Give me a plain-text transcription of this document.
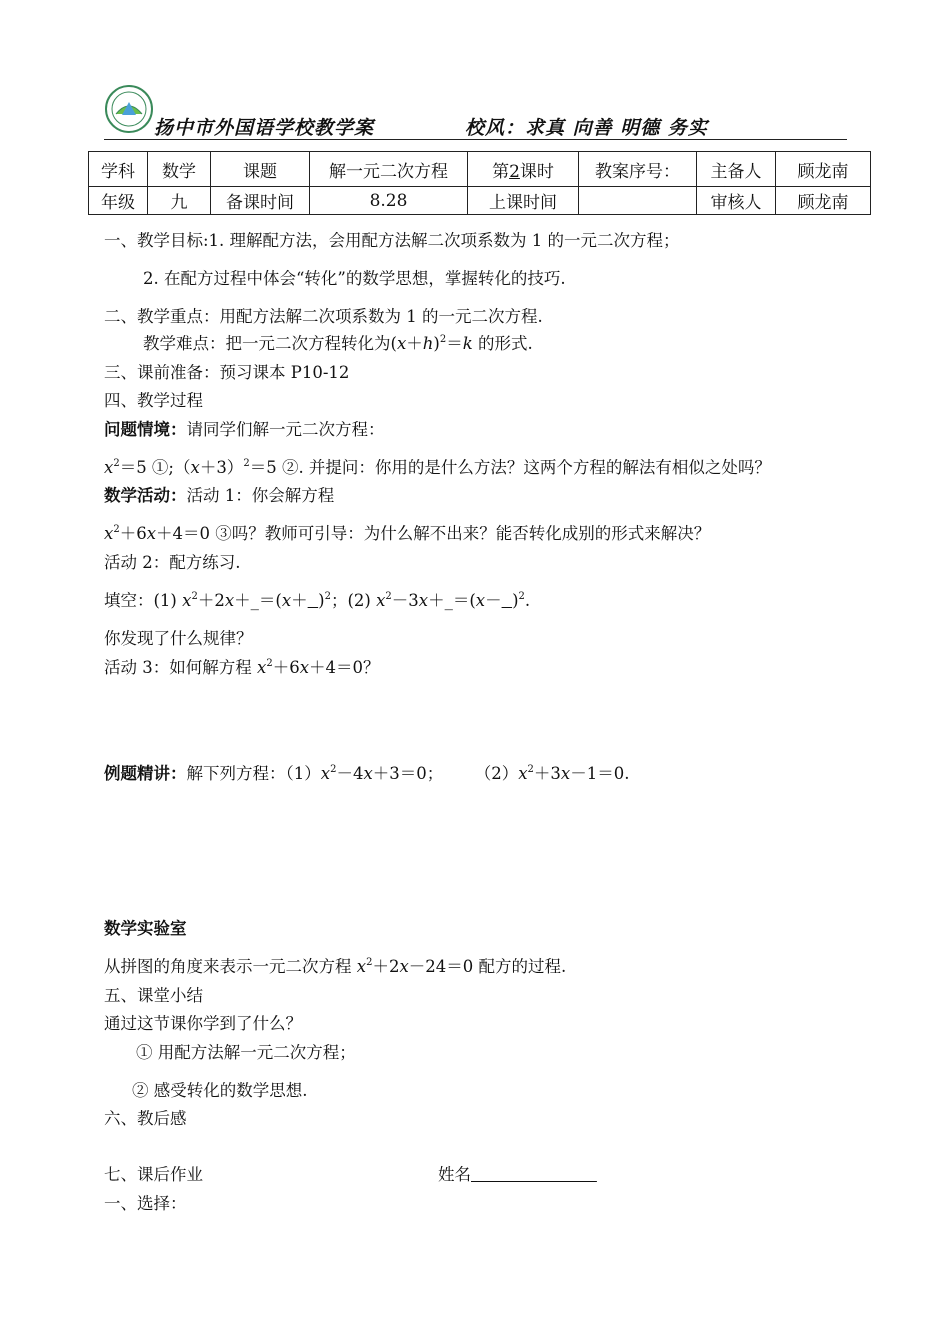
扬中市外国语学校教学案	校风：求真 向善 明德 务实
学科	数学	课题	解一元二次方程	第2课时	教案序号：	主备人	顾龙南
年级	九	备课时间	8.28	上课时间		审核人	顾龙南
一、教学目标:1. 理解配方法，会用配方法解二次项系数为 1 的一元二次方程；
2. 在配方过程中体会“转化”的数学思想，掌握转化的技巧.
二、教学重点：用配方法解二次项系数为 1 的一元二次方程.
教学难点：把一元二次方程转化为$(x+h)^2=k$ 的形式.
三、课前准备：预习课本 P10-12
四、教学过程
问题情境：请同学们解一元二次方程：
$x^2=5$ $①;(x+3)^2=5$ ②. 并提问：你用的是什么方法？这两个方程的解法有相似之处吗？
数学活动：活动 1：你会解方程
$x^2+6x+4=0$ ③吗？教师可引导：为什么解不出来？能否转化成别的形式来解决？
活动 2：配方练习.
填空：(1) $x^2+2x+\_=(x+ )^2$；(2) $x^2-3x+\_=(x- )^2$.
你发现了什么规律？
活动 3：如何解方程 $x^2+6x+4=0$？
例题精讲：解下列方程：$(1)x^2-4x+3=0$；      $(2)x^2+3x-1=0$.
数学实验室
从拼图的角度来表示一元二次方程 $x^2+2x-24=0$ 配方的过程.
五、课堂小结
通过这节课你学到了什么？
① 用配方法解一元二次方程；
② 感受转化的数学思想.
六、教后感
七、课后作业	姓名
一、选择：
